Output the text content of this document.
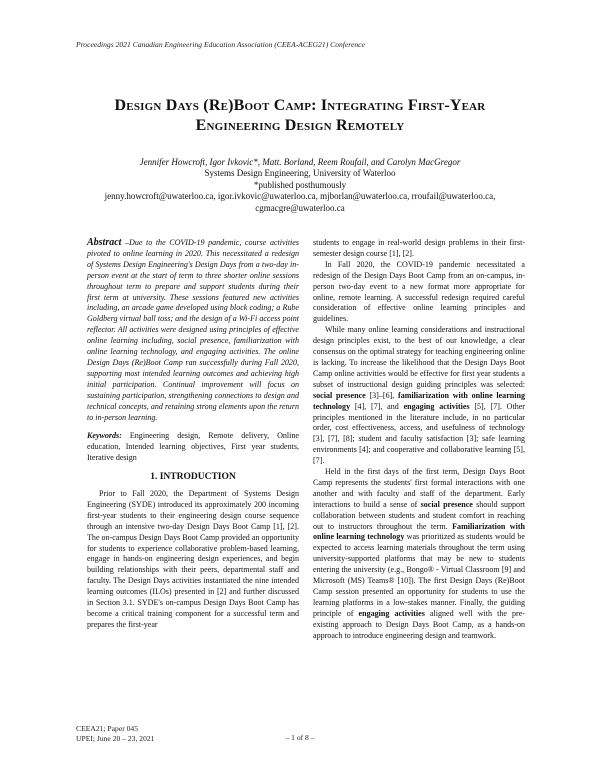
Proceedings 2021 Canadian Engineering Education Association (CEEA-ACEG21) Conference
Design Days (Re)Boot Camp: Integrating First-Year
Engineering Design Remotely
Jennifer Howcroft, Igor Ivkovic*, Matt. Borland, Reem Roufail, and Carolyn MacGregor
Systems Design Engineering, University of Waterloo
*published posthumously
jenny.howcroft@uwaterloo.ca, igor.ivkovic@uwaterloo.ca, mjborlan@uwaterloo.ca, rroufail@uwaterloo.ca,
cgmacgre@uwaterloo.ca

Abstract –Due to the COVID-19 pandemic, course activities pivoted to online learning in 2020. This necessitated a redesign of Systems Design Engineering's Design Days from a two-day in-person event at the start of term to three shorter online sessions throughout term to prepare and support students during their first term at university. These sessions featured new activities including, an arcade game developed using block coding; a Rube Goldberg virtual ball toss; and the design of a Wi-Fi access point reflector. All activities were designed using principles of effective online learning including, social presence, familiarization with online learning technology, and engaging activities. The online Design Days (Re)Boot Camp ran successfully during Fall 2020, supporting most intended learning outcomes and achieving high initial participation. Continual improvement will focus on sustaining participation, strengthening connections to design and technical concepts, and retaining strong elements upon the return to in-person learning.

Keywords: Engineering design, Remote delivery, Online education, Intended learning objectives, First year students, Iterative design

1. INTRODUCTION

Prior to Fall 2020, the Department of Systems Design Engineering (SYDE) introduced its approximately 200 incoming first-year students to their engineering design course sequence through an intensive two-day Design Days Boot Camp [1], [2]. The on-campus Design Days Boot Camp provided an opportunity for students to experience collaborative problem-based learning, engage in hands-on engineering design experiences, and begin building relationships with their peers, departmental staff and faculty. The Design Days activities instantiated the nine intended learning outcomes (ILOs) presented in [2] and further discussed in Section 3.1. SYDE's on-campus Design Days Boot Camp has become a critical training component for a successful term and prepares the first-year

students to engage in real-world design problems in their first-semester design course [1], [2].

In Fall 2020, the COVID-19 pandemic necessitated a redesign of the Design Days Boot Camp from an on-campus, in-person two-day event to a new format more appropriate for online, remote learning. A successful redesign required careful consideration of effective online learning principles and guidelines.

While many online learning considerations and instructional design principles exist, to the best of our knowledge, a clear consensus on the optimal strategy for teaching engineering online is lacking. To increase the likelihood that the Design Days Boot Camp online activities would be effective for first year students a subset of instructional design guiding principles was selected: social presence [3]–[6], familiarization with online learning technology [4], [7], and engaging activities [5], [7]. Other principles mentioned in the literature include, in no particular order, cost effectiveness, access, and usefulness of technology [3], [7], [8]; student and faculty satisfaction [3]; safe learning environments [4]; and cooperative and collaborative learning [5], [7].

Held in the first days of the first term, Design Days Boot Camp represents the students' first formal interactions with one another and with faculty and staff of the department. Early interactions to build a sense of social presence should support collaboration between students and student comfort in reaching out to instructors throughout the term. Familiarization with online learning technology was prioritized as students would be expected to access learning materials throughout the term using university-supported platforms that may be new to students entering the university (e.g., Bongo® - Virtual Classroom [9] and Microsoft (MS) Teams® [10]). The first Design Days (Re)Boot Camp session presented an opportunity for students to use the learning platforms in a low-stakes manner. Finally, the guiding principle of engaging activities aligned well with the pre-existing approach to Design Days Boot Camp, as a hands-on approach to introduce engineering design and teamwork.

CEEA21; Paper 045
UPEI; June 20 – 23, 2021	– 1 of 8 –
